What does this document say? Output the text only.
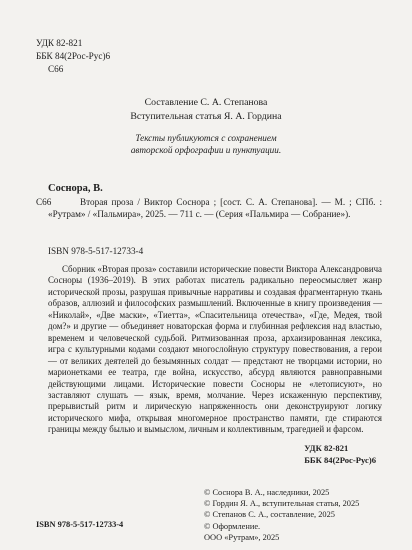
УДК 82-821
ББК 84(2Рос-Рус)6
С66
Составление С. А. Степанова
Вступительная статья Я. А. Гордина
Тексты публикуются с сохранением
авторской орфографии и пунктуации.
Соснора, В.
С66	Вторая проза / Виктор Соснора ; [сост. С. А. Степанова]. — М. ; СПб. : «Рутрам» / «Пальмира», 2025. — 711 с. — (Серия «Пальмира — Собрание»).

ISBN 978-5-517-12733-4

Сборник «Вторая проза» составили исторические повести Виктора Александровича Сосноры (1936–2019). В этих работах писатель радикально переосмысляет жанр исторической прозы, разрушая привычные нарративы и создавая фрагментарную ткань образов, аллюзий и философских размышлений. Включенные в книгу произведения — «Николай», «Две маски», «Тиетта», «Спасительница отечества», «Где, Медея, твой дом?» и другие — объединяет новаторская форма и глубинная рефлексия над властью, временем и человеческой судьбой. Ритмизованная проза, архаизированная лексика, игра с культурными кодами создают многослойную структуру повествования, а герои — от великих деятелей до безымянных солдат — предстают не творцами истории, но марионетками ее театра, где война, искусство, абсурд являются равноправными действующими лицами. Исторические повести Сосноры не «летописуют», но заставляют слушать — язык, время, молчание. Через искаженную перспективу, прерывистый ритм и лирическую напряженность они деконструируют логику исторического мифа, открывая многомерное пространство памяти, где стираются границы между былью и вымыслом, личным и коллективным, трагедией и фарсом.

УДК 82-821
ББК 84(2Рос-Рус)6
© Соснора В. А., наследники, 2025
© Гордин Я. А., вступительная статья, 2025
© Степанов С. А., составление, 2025
© Оформление.
ООО «Рутрам», 2025
ISBN 978-5-517-12733-4
